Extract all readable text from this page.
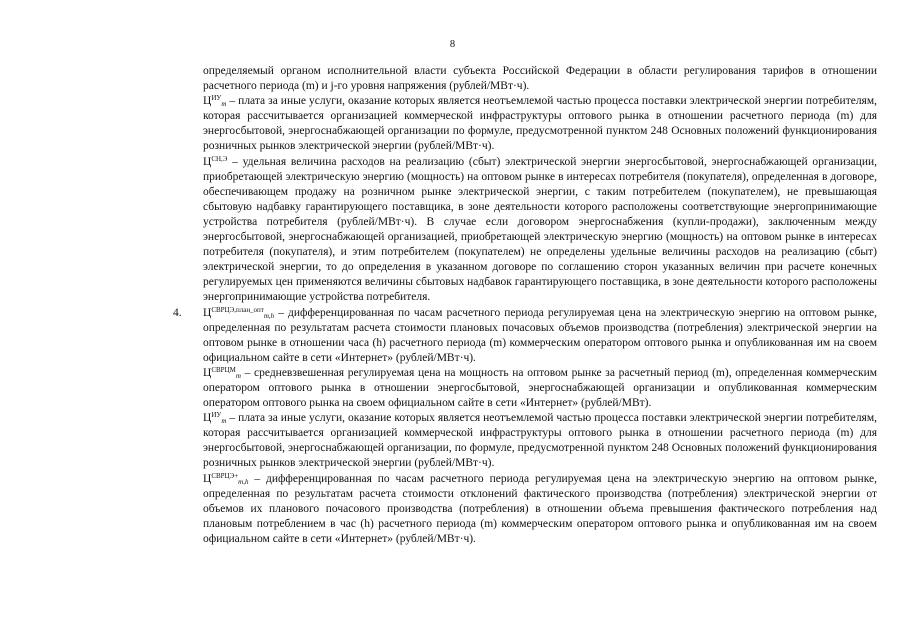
8

определяемый органом исполнительной власти субъекта Российской Федерации в области регулирования тарифов в отношении расчетного периода (m) и j-го уровня напряжения (рублей/МВт·ч).

$Ц^{ИУ}_m$ – плата за иные услуги, оказание которых является неотъемлемой частью процесса поставки электрической энергии потребителям, которая рассчитывается организацией коммерческой инфраструктуры оптового рынка в отношении расчетного периода (m) для энергосбытовой, энергоснабжающей организации по формуле, предусмотренной пунктом 248 Основных положений функционирования розничных рынков электрической энергии (рублей/МВт·ч).

$Ц^{СН,Э}$ – удельная величина расходов на реализацию (сбыт) электрической энергии энергосбытовой, энергоснабжающей организации, приобретающей электрическую энергию (мощность) на оптовом рынке в интересах потребителя (покупателя), определенная в договоре, обеспечивающем продажу на розничном рынке электрической энергии, с таким потребителем (покупателем), не превышающая сбытовую надбавку гарантирующего поставщика, в зоне деятельности которого расположены соответствующие энергопринимающие устройства потребителя (рублей/МВт·ч). В случае если договором энергоснабжения (купли-продажи), заключенным между энергосбытовой, энергоснабжающей организацией, приобретающей электрическую энергию (мощность) на оптовом рынке в интересах потребителя (покупателя), и этим потребителем (покупателем) не определены удельные величины расходов на реализацию (сбыт) электрической энергии, то до определения в указанном договоре по соглашению сторон указанных величин при расчете конечных регулируемых цен применяются величины сбытовых надбавок гарантирующего поставщика, в зоне деятельности которого расположены энергопринимающие устройства потребителя.

4. $Ц^{СВРЦЭ,план\_опт}_{m,h}$ – дифференцированная по часам расчетного периода регулируемая цена на электрическую энергию на оптовом рынке, определенная по результатам расчета стоимости плановых почасовых объемов производства (потребления) электрической энергии на оптовом рынке в отношении часа (h) расчетного периода (m) коммерческим оператором оптового рынка и опубликованная им на своем официальном сайте в сети «Интернет» (рублей/МВт·ч).

$Ц^{СВРЦМ}_m$ – средневзвешенная регулируемая цена на мощность на оптовом рынке за расчетный период (m), определенная коммерческим оператором оптового рынка в отношении энергосбытовой, энергоснабжающей организации и опубликованная коммерческим оператором оптового рынка на своем официальном сайте в сети «Интернет» (рублей/МВт).

$Ц^{ИУ}_m$ – плата за иные услуги, оказание которых является неотъемлемой частью процесса поставки электрической энергии потребителям, которая рассчитывается организацией коммерческой инфраструктуры оптового рынка в отношении расчетного периода (m) для энергосбытовой, энергоснабжающей организации, по формуле, предусмотренной пунктом 248 Основных положений функционирования розничных рынков электрической энергии (рублей/МВт·ч).

$Ц^{СВРЦЭ+}_{m,h}$ – дифференцированная по часам расчетного периода регулируемая цена на электрическую энергию на оптовом рынке, определенная по результатам расчета стоимости отклонений фактического производства (потребления) электрической энергии от объемов их планового почасового производства (потребления) в отношении объема превышения фактического потребления над плановым потреблением в час (h) расчетного периода (m) коммерческим оператором оптового рынка и опубликованная им на своем официальном сайте в сети «Интернет» (рублей/МВт·ч).
